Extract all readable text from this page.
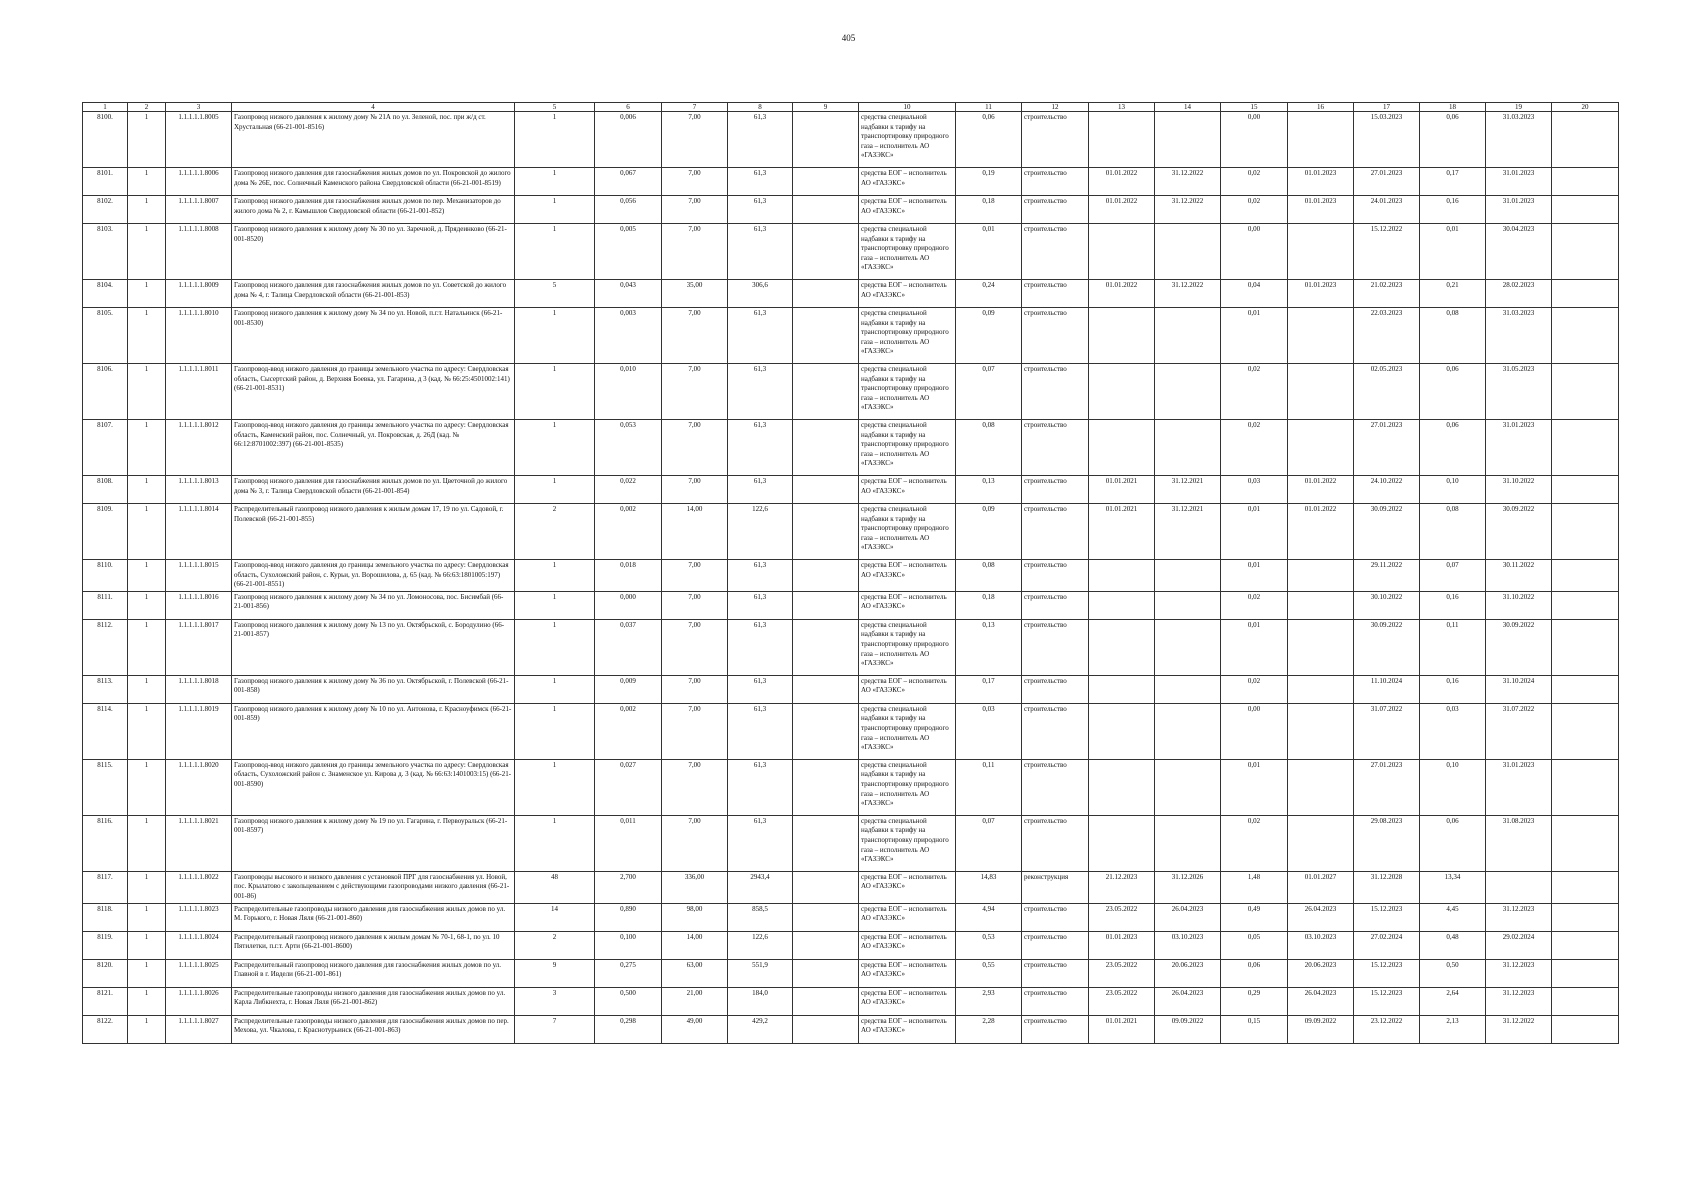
405
1	2	3	4	5	6	7	8	9	10	11	12	13	14	15	16	17	18	19	20
8100.	1	1.1.1.1.1.8005	Газопровод низкого давления к жилому дому № 21А по ул. Зеленой, пос. при ж/д ст. Хрустальная (66-21-001-8516)	1	0,006	7,00	61,3		средства специальной надбавки к тарифу на транспортировку природного газа – исполнитель АО «ГАЗЭКС»	0,06	строительство			0,00		15.03.2023	0,06	31.03.2023	
8101.	1	1.1.1.1.1.8006	Газопровод низкого давления для газоснабжения жилых домов по ул. Покровской до жилого дома № 26Е, пос. Солнечный Каменского района Свердловской области (66-21-001-8519)	1	0,067	7,00	61,3		средства ЕОГ – исполнитель АО «ГАЗЭКС»	0,19	строительство	01.01.2022	31.12.2022	0,02	01.01.2023	27.01.2023	0,17	31.01.2023	
8102.	1	1.1.1.1.1.8007	Газопровод низкого давления для газоснабжения жилых домов по пер. Механизаторов до жилого дома № 2, г. Камышлов Свердловской области (66-21-001-852)	1	0,056	7,00	61,3		средства ЕОГ – исполнитель АО «ГАЗЭКС»	0,18	строительство	01.01.2022	31.12.2022	0,02	01.01.2023	24.01.2023	0,16	31.01.2023	
8103.	1	1.1.1.1.1.8008	Газопровод низкого давления к жилому дому № 30 по ул. Заречной, д. Прядеинково (66-21-001-8520)	1	0,005	7,00	61,3		средства специальной надбавки к тарифу на транспортировку природного газа – исполнитель АО «ГАЗЭКС»	0,01	строительство			0,00		15.12.2022	0,01	30.04.2023	
8104.	1	1.1.1.1.1.8009	Газопровод низкого давления для газоснабжения жилых домов по ул. Советской до жилого дома № 4, г. Талица Свердловской области (66-21-001-853)	5	0,043	35,00	306,6		средства ЕОГ – исполнитель АО «ГАЗЭКС»	0,24	строительство	01.01.2022	31.12.2022	0,04	01.01.2023	21.02.2023	0,21	28.02.2023	
8105.	1	1.1.1.1.1.8010	Газопровод низкого давления к жилому дому № 34 по ул. Новой, п.г.т. Натальинск (66-21-001-8530)	1	0,003	7,00	61,3		средства специальной надбавки к тарифу на транспортировку природного газа – исполнитель АО «ГАЗЭКС»	0,09	строительство			0,01		22.03.2023	0,08	31.03.2023	
8106.	1	1.1.1.1.1.8011	Газопровод-ввод низкого давления до границы земельного участка по адресу: Свердловская область, Сысертский район, д. Верхняя Боевка, ул. Гагарина, д 3 (кад. № 66:25:4501002:141) (66-21-001-8531)	1	0,010	7,00	61,3		средства специальной надбавки к тарифу на транспортировку природного газа – исполнитель АО «ГАЗЭКС»	0,07	строительство			0,02		02.05.2023	0,06	31.05.2023	
8107.	1	1.1.1.1.1.8012	Газопровод-ввод низкого давления до границы земельного участка по адресу: Свердловская область, Каменский район, пос. Солнечный, ул. Покровская, д. 26Д (кад. № 66:12:8701002:397) (66-21-001-8535)	1	0,053	7,00	61,3		средства специальной надбавки к тарифу на транспортировку природного газа – исполнитель АО «ГАЗЭКС»	0,08	строительство			0,02		27.01.2023	0,06	31.01.2023	
8108.	1	1.1.1.1.1.8013	Газопровод низкого давления для газоснабжения жилых домов по ул. Цветочной до жилого дома № 3, г. Талица Свердловской области (66-21-001-854)	1	0,022	7,00	61,3		средства ЕОГ – исполнитель АО «ГАЗЭКС»	0,13	строительство	01.01.2021	31.12.2021	0,03	01.01.2022	24.10.2022	0,10	31.10.2022	
8109.	1	1.1.1.1.1.8014	Распределительный газопровод низкого давления к жилым домам 17, 19 по ул. Садовой, г. Полевской (66-21-001-855)	2	0,002	14,00	122,6		средства специальной надбавки к тарифу на транспортировку природного газа – исполнитель АО «ГАЗЭКС»	0,09	строительство	01.01.2021	31.12.2021	0,01	01.01.2022	30.09.2022	0,08	30.09.2022	
8110.	1	1.1.1.1.1.8015	Газопровод-ввод низкого давления до границы земельного участка по адресу: Свердловская область, Сухоложский район, с. Курьи, ул. Ворошилова, д. 65 (кад. № 66:63:1801005:197) (66-21-001-8551)	1	0,018	7,00	61,3		средства ЕОГ – исполнитель АО «ГАЗЭКС»	0,08	строительство			0,01		29.11.2022	0,07	30.11.2022	
8111.	1	1.1.1.1.1.8016	Газопровод низкого давления к жилому дому № 34 по ул. Ломоносова, пос. Бисимбай (66-21-001-856)	1	0,000	7,00	61,3		средства ЕОГ – исполнитель АО «ГАЗЭКС»	0,18	строительство			0,02		30.10.2022	0,16	31.10.2022	
8112.	1	1.1.1.1.1.8017	Газопровод низкого давления к жилому дому № 13 по ул. Октябрьской, с. Бородулино (66-21-001-857)	1	0,037	7,00	61,3		средства специальной надбавки к тарифу на транспортировку природного газа – исполнитель АО «ГАЗЭКС»	0,13	строительство			0,01		30.09.2022	0,11	30.09.2022	
8113.	1	1.1.1.1.1.8018	Газопровод низкого давления к жилому дому № 36 по ул. Октябрьской, г. Полевской (66-21-001-858)	1	0,009	7,00	61,3		средства ЕОГ – исполнитель АО «ГАЗЭКС»	0,17	строительство			0,02		11.10.2024	0,16	31.10.2024	
8114.	1	1.1.1.1.1.8019	Газопровод низкого давления к жилому дому № 10 по ул. Антонова, г. Красноуфимск (66-21-001-859)	1	0,002	7,00	61,3		средства специальной надбавки к тарифу на транспортировку природного газа – исполнитель АО «ГАЗЭКС»	0,03	строительство			0,00		31.07.2022	0,03	31.07.2022	
8115.	1	1.1.1.1.1.8020	Газопровод-ввод низкого давления до границы земельного участка по адресу: Свердловская область, Сухоложский район с. Знаменское ул. Кирова д. 3 (кад. № 66:63:1401003:15) (66-21-001-8590)	1	0,027	7,00	61,3		средства специальной надбавки к тарифу на транспортировку природного газа – исполнитель АО «ГАЗЭКС»	0,11	строительство			0,01		27.01.2023	0,10	31.01.2023	
8116.	1	1.1.1.1.1.8021	Газопровод низкого давления к жилому дому № 19 по ул. Гагарина, г. Первоуральск (66-21-001-8597)	1	0,011	7,00	61,3		средства специальной надбавки к тарифу на транспортировку природного газа – исполнитель АО «ГАЗЭКС»	0,07	строительство			0,02		29.08.2023	0,06	31.08.2023	
8117.	1	1.1.1.1.1.8022	Газопроводы высокого и низкого давления с установкой ПРГ для газоснабжения ул. Новой, пос. Крылатово с закольцеванием с действующими газопроводами низкого давления (66-21-001-86)	48	2,700	336,00	2943,4		средства ЕОГ – исполнитель АО «ГАЗЭКС»	14,83	реконструкция	21.12.2023	31.12.2026	1,48	01.01.2027	31.12.2028	13,34		
8118.	1	1.1.1.1.1.8023	Распределительные газопроводы низкого давления для газоснабжения жилых домов по ул. М. Горького, г. Новая Ляля (66-21-001-860)	14	0,890	98,00	858,5		средства ЕОГ – исполнитель АО «ГАЗЭКС»	4,94	строительство	23.05.2022	26.04.2023	0,49	26.04.2023	15.12.2023	4,45	31.12.2023	
8119.	1	1.1.1.1.1.8024	Распределительный газопровод низкого давления к жилым домам № 70-1, 68-1, по ул. 10 Пятилетки, п.г.т. Арти (66-21-001-8600)	2	0,100	14,00	122,6		средства ЕОГ – исполнитель АО «ГАЗЭКС»	0,53	строительство	01.01.2023	03.10.2023	0,05	03.10.2023	27.02.2024	0,48	29.02.2024	
8120.	1	1.1.1.1.1.8025	Распределительный газопровод низкого давления для газоснабжения жилых домов по ул. Главной в г. Ивдели (66-21-001-861)	9	0,275	63,00	551,9		средства ЕОГ – исполнитель АО «ГАЗЭКС»	0,55	строительство	23.05.2022	20.06.2023	0,06	20.06.2023	15.12.2023	0,50	31.12.2023	
8121.	1	1.1.1.1.1.8026	Распределительные газопроводы низкого давления для газоснабжения жилых домов по ул. Карла Либкнехта, г. Новая Ляля (66-21-001-862)	3	0,500	21,00	184,0		средства ЕОГ – исполнитель АО «ГАЗЭКС»	2,93	строительство	23.05.2022	26.04.2023	0,29	26.04.2023	15.12.2023	2,64	31.12.2023	
8122.	1	1.1.1.1.1.8027	Распределительные газопроводы низкого давления для газоснабжения жилых домов по пер. Мехова, ул. Чкалова, г. Краснотурьинск (66-21-001-863)	7	0,298	49,00	429,2		средства ЕОГ – исполнитель АО «ГАЗЭКС»	2,28	строительство	01.01.2021	09.09.2022	0,15	09.09.2022	23.12.2022	2,13	31.12.2022	
